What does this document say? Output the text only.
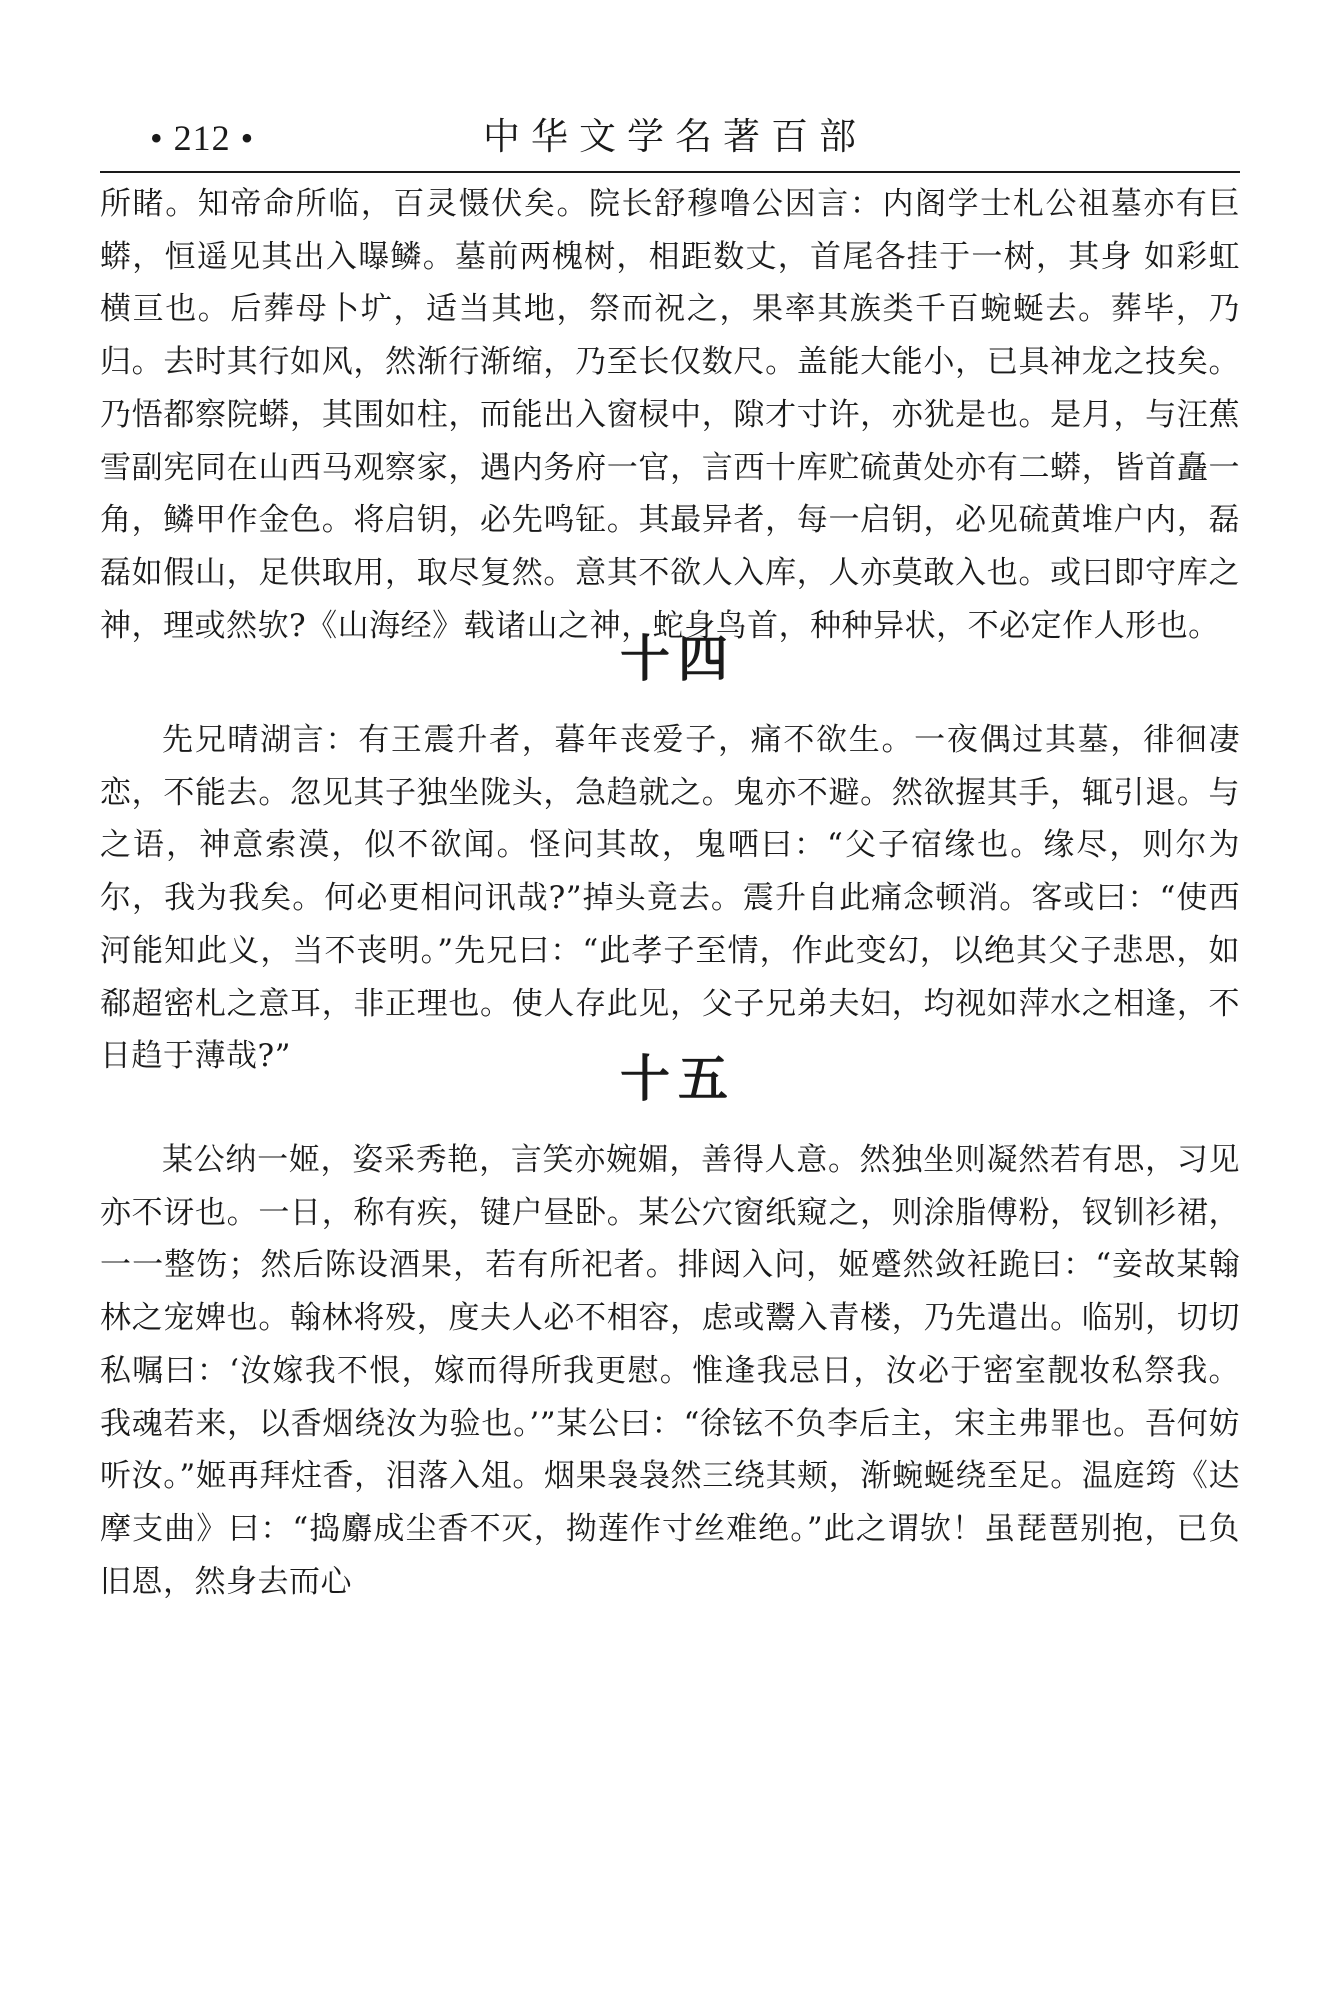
• 212 •	中华文学名著百部

所睹。知帝命所临，百灵慑伏矣。院长舒穆噜公因言：内阁学士札公祖墓亦有巨蟒，恒遥见其出入曝鳞。墓前两槐树，相距数丈，首尾各挂于一树，其身 如彩虹横亘也。后葬母卜圹，适当其地，祭而祝之，果率其族类千百蜿蜒去。葬毕，乃归。去时其行如风，然渐行渐缩，乃至长仅数尺。盖能大能小，已具神龙之技矣。乃悟都察院蟒，其围如柱，而能出入窗棂中，隙才寸许，亦犹是也。是月，与汪蕉雪副宪同在山西马观察家，遇内务府一官，言西十库贮硫黄处亦有二蟒，皆首矗一角，鳞甲作金色。将启钥，必先鸣钲。其最异者，每一启钥，必见硫黄堆户内，磊磊如假山，足供取用，取尽复然。意其不欲人入库，人亦莫敢入也。或曰即守库之神，理或然欤?《山海经》载诸山之神，蛇身鸟首，种种异状，不必定作人形也。

十四

先兄晴湖言：有王震升者，暮年丧爱子，痛不欲生。一夜偶过其墓，徘徊凄恋，不能去。忽见其子独坐陇头，急趋就之。鬼亦不避。然欲握其手，辄引退。与之语，神意索漠，似不欲闻。怪问其故，鬼哂曰：“父子宿缘也。缘尽，则尔为尔，我为我矣。何必更相问讯哉?”掉头竟去。震升自此痛念顿消。客或曰：“使西河能知此义，当不丧明。”先兄曰：“此孝子至情，作此变幻，以绝其父子悲思，如郗超密札之意耳，非正理也。使人存此见，父子兄弟夫妇，均视如萍水之相逢，不日趋于薄哉?”	十五

某公纳一姬，姿采秀艳，言笑亦婉媚，善得人意。然独坐则凝然若有思，习见亦不讶也。一日，称有疾，键户昼卧。某公穴窗纸窥之，则涂脂傅粉，钗钏衫裙，一一整饬；然后陈设酒果，若有所祀者。排闼入问，姬蹙然敛衽跪曰：“妾故某翰林之宠婢也。翰林将殁，度夫人必不相容，虑或鬻入青楼，乃先遣出。临别，切切私嘱曰：‘汝嫁我不恨，嫁而得所我更慰。惟逢我忌日，汝必于密室靓妆私祭我。我魂若来，以香烟绕汝为验也。’”某公曰：“徐铉不负李后主，宋主弗罪也。吾何妨听汝。”姬再拜炷香，泪落入俎。烟果袅袅然三绕其颊，渐蜿蜒绕至足。温庭筠《达摩支曲》曰：“捣麝成尘香不灭，拗莲作寸丝难绝。”此之谓欤！虽琵琶别抱，已负旧恩，然身去而心
